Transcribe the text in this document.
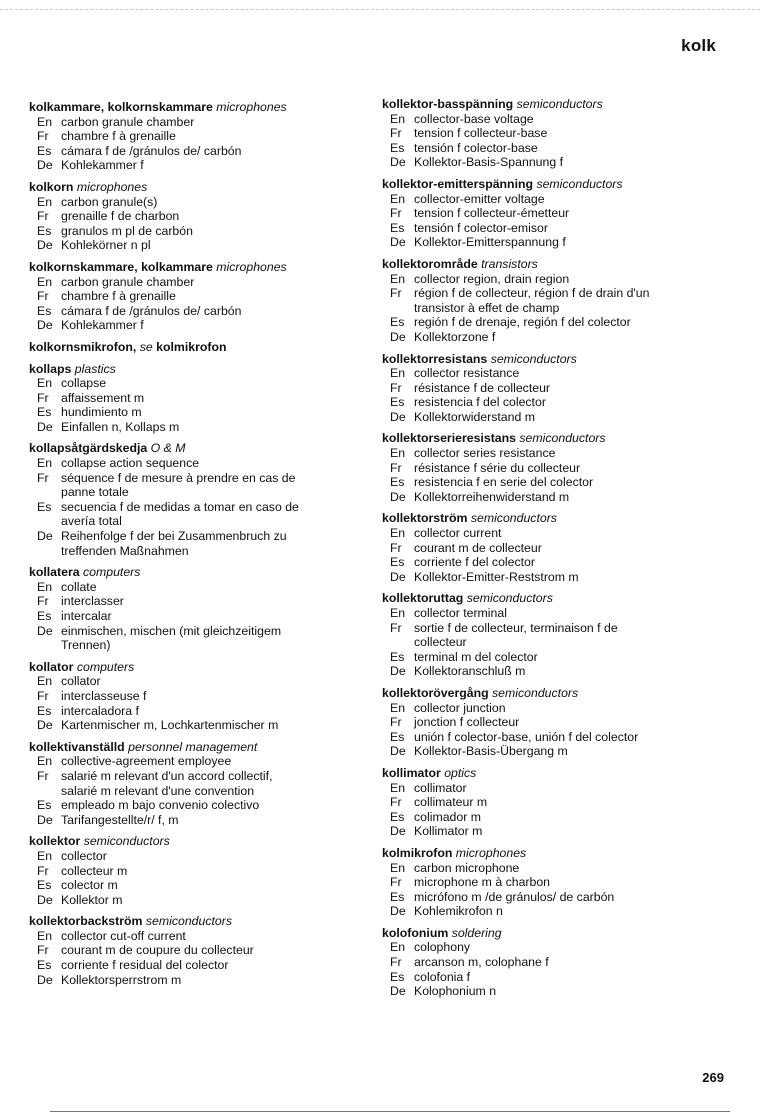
kolk
kolkammare, kolkornskammare microphones
En carbon granule chamber
Fr	chambre f à grenaille
Es cámara f de /gránulos de/ carbón
De Kohlekammer f
kolkorn microphones
En carbon granule(s)
Fr	grenaille f de charbon
Es granulos m pl de carbón
De Kohlekörner n pl
kolkornskammare, kolkammare microphones
En carbon granule chamber
Fr	chambre f à grenaille
Es cámara f de /gránulos de/ carbón
De Kohlekammer f
kolkornsmikrofon, se kolmikrofon
kollaps plastics
En collapse
Fr	affaissement m
Es hundimiento m
De Einfallen n, Kollaps m
kollapsåtgärdskedja O & M
En collapse action sequence
Fr	séquence f de mesure à prendre en cas de
panne totale
Es secuencia f de medidas a tomar en caso de
avería total
De Reihenfolge f der bei Zusammenbruch zu
treffenden Maßnahmen
kollatera computers
En collate
Fr	interclasser
Es intercalar
De einmischen, mischen (mit gleichzeitigem
Trennen)
kollator computers
En collator
Fr	interclasseuse f
Es intercaladora f
De Kartenmischer m, Lochkartenmischer m
kollektivanställd personnel management
En collective-agreement employee
Fr	salarié m relevant d'un accord collectif,
salarié m relevant d'une convention
Es empleado m bajo convenio colectivo
De Tarifangestellte/r/ f, m
kollektor semiconductors
En collector
Fr	collecteur m
Es colector m
De Kollektor m
kollektorbackström semiconductors
En collector cut-off current
Fr	courant m de coupure du collecteur
Es corriente f residual del colector
De Kollektorsperrstrom m
kollektor-basspänning semiconductors
En collector-base voltage
Fr	tension f collecteur-base
Es tensión f colector-base
De Kollektor-Basis-Spannung f
kollektor-emitterspänning semiconductors
En collector-emitter voltage
Fr	tension f collecteur-émetteur
Es tensión f colector-emisor
De Kollektor-Emitterspannung f
kollektorområde transistors
En collector region, drain region
Fr	région f de collecteur, région f de drain d'un
transistor à effet de champ
Es región f de drenaje, región f del colector
De Kollektorzone f
kollektorresistans semiconductors
En collector resistance
Fr	résistance f de collecteur
Es resistencia f del colector
De Kollektorwiderstand m
kollektorserieresistans semiconductors
En collector series resistance
Fr	résistance f série du collecteur
Es resistencia f en serie del colector
De Kollektorreihenwiderstand m
kollektorström semiconductors
En collector current
Fr	courant m de collecteur
Es corriente f del colector
De Kollektor-Emitter-Reststrom m
kollektoruttag semiconductors
En collector terminal
Fr	sortie f de collecteur, terminaison f de
collecteur
Es terminal m del colector
De Kollektoranschluß m
kollektorövergång semiconductors
En collector junction
Fr	jonction f collecteur
Es unión f colector-base, unión f del colector
De Kollektor-Basis-Übergang m
kollimator optics
En collimator
Fr	collimateur m
Es colimador m
De Kollimator m
kolmikrofon microphones
En carbon microphone
Fr	microphone m à charbon
Es micrófono m /de gránulos/ de carbón
De Kohlemikrofon n
kolofonium soldering
En colophony
Fr	arcanson m, colophane f
Es colofonia f
De Kolophonium n
269
